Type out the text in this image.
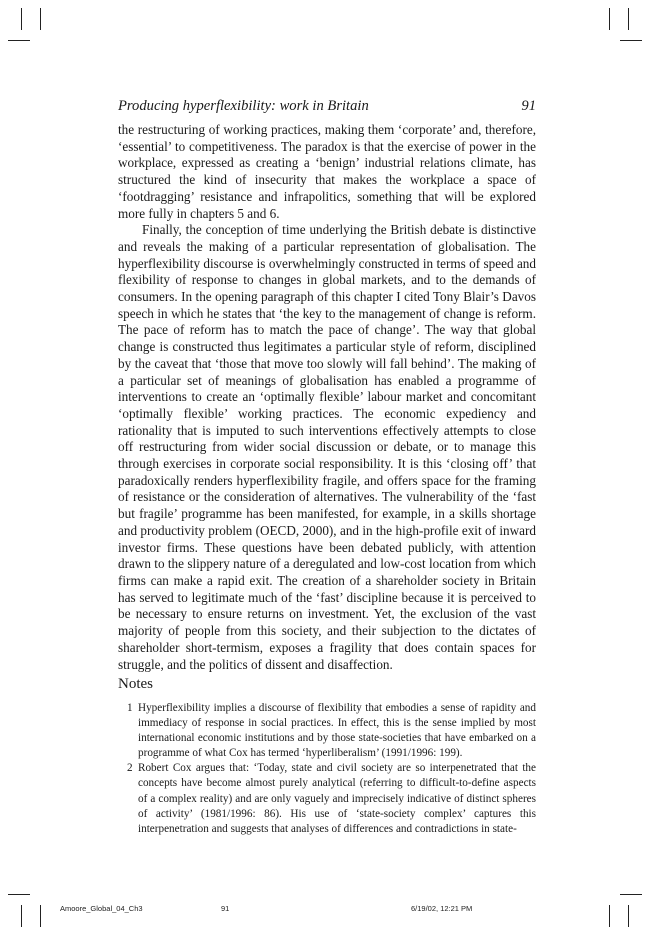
Producing hyperflexibility: work in Britain	91

the restructuring of working practices, making them ‘corporate’ and, therefore, ‘essential’ to competitiveness. The paradox is that the exercise of power in the workplace, expressed as creating a ‘benign’ industrial relations climate, has structured the kind of insecurity that makes the workplace a space of ‘footdragging’ resistance and infrapolitics, something that will be explored more fully in chapters 5 and 6.

Finally, the conception of time underlying the British debate is distinctive and reveals the making of a particular representation of globalisation. The hyperflexibility discourse is overwhelmingly constructed in terms of speed and flexibility of response to changes in global markets, and to the demands of consumers. In the opening paragraph of this chapter I cited Tony Blair’s Davos speech in which he states that ‘the key to the management of change is reform. The pace of reform has to match the pace of change’. The way that global change is constructed thus legitimates a particular style of reform, disciplined by the caveat that ‘those that move too slowly will fall behind’. The making of a particular set of meanings of globalisation has enabled a programme of interventions to create an ‘optimally flexible’ labour market and concomitant ‘optimally flexible’ working practices. The economic expediency and rationality that is imputed to such interventions effectively attempts to close off restructuring from wider social discussion or debate, or to manage this through exercises in corporate social responsibility. It is this ‘closing off’ that paradoxically renders hyperflexibility fragile, and offers space for the framing of resistance or the consideration of alternatives. The vulnerability of the ‘fast but fragile’ programme has been manifested, for example, in a skills shortage and productivity problem (OECD, 2000), and in the high-profile exit of inward investor firms. These questions have been debated publicly, with attention drawn to the slippery nature of a deregulated and low-cost location from which firms can make a rapid exit. The creation of a shareholder society in Britain has served to legitimate much of the ‘fast’ discipline because it is perceived to be necessary to ensure returns on investment. Yet, the exclusion of the vast majority of people from this society, and their subjection to the dictates of shareholder short-termism, exposes a fragility that does contain spaces for struggle, and the politics of dissent and disaffection.

Notes
1 Hyperflexibility implies a discourse of flexibility that embodies a sense of rapidity and immediacy of response in social practices. In effect, this is the sense implied by most international economic institutions and by those state-societies that have embarked on a programme of what Cox has termed ‘hyperliberalism’ (1991/1996: 199).
2 Robert Cox argues that: ‘Today, state and civil society are so interpenetrated that the concepts have become almost purely analytical (referring to difficult-to-define aspects of a complex reality) and are only vaguely and imprecisely indicative of distinct spheres of activity’ (1981/1996: 86). His use of ‘state-society complex’ captures this interpenetration and suggests that analyses of differences and contradictions in state-
Amoore_Global_04_Ch3	91	6/19/02, 12:21 PM
